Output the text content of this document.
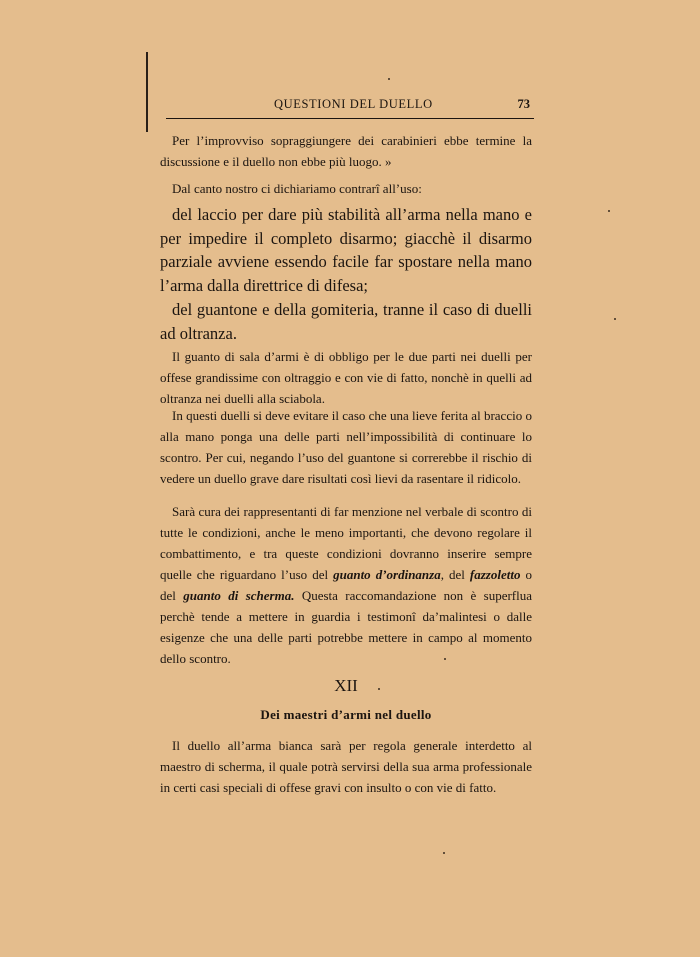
QUESTIONI DEL DUELLO	73

Per l’improvviso sopraggiungere dei carabinieri ebbe termine la discussione e il duello non ebbe più luogo. »

Dal canto nostro ci dichiariamo contrarî all’uso:

del laccio per dare più stabilità all’arma nella mano e per impedire il completo disarmo; giacchè il disarmo parziale avviene essendo facile far spostare nella mano l’arma dalla direttrice di difesa;

del guantone e della gomiteria, tranne il caso di duelli ad oltranza.

Il guanto di sala d’armi è di obbligo per le due parti nei duelli per offese grandissime con oltraggio e con vie di fatto, nonchè in quelli ad oltranza nei duelli alla sciabola.

In questi duelli si deve evitare il caso che una lieve ferita al braccio o alla mano ponga una delle parti nell’impossibilità di continuare lo scontro. Per cui, negando l’uso del guantone si correrebbe il rischio di vedere un duello grave dare risultati così lievi da rasentare il ridicolo.

Sarà cura dei rappresentanti di far menzione nel verbale di scontro di tutte le condizioni, anche le meno importanti, che devono regolare il combattimento, e tra queste condizioni dovranno inserire sempre quelle che riguardano l’uso del guanto d’ordinanza, del fazzoletto o del guanto di scherma. Questa raccomandazione non è superflua perchè tende a mettere in guardia i testimonî da’malintesi o dalle esigenze che una delle parti potrebbe mettere in campo al momento dello scontro.

XII
Dei maestri d’armi nel duello

Il duello all’arma bianca sarà per regola generale interdetto al maestro di scherma, il quale potrà servirsi della sua arma professionale in certi casi speciali di offese gravi con insulto o con vie di fatto.
